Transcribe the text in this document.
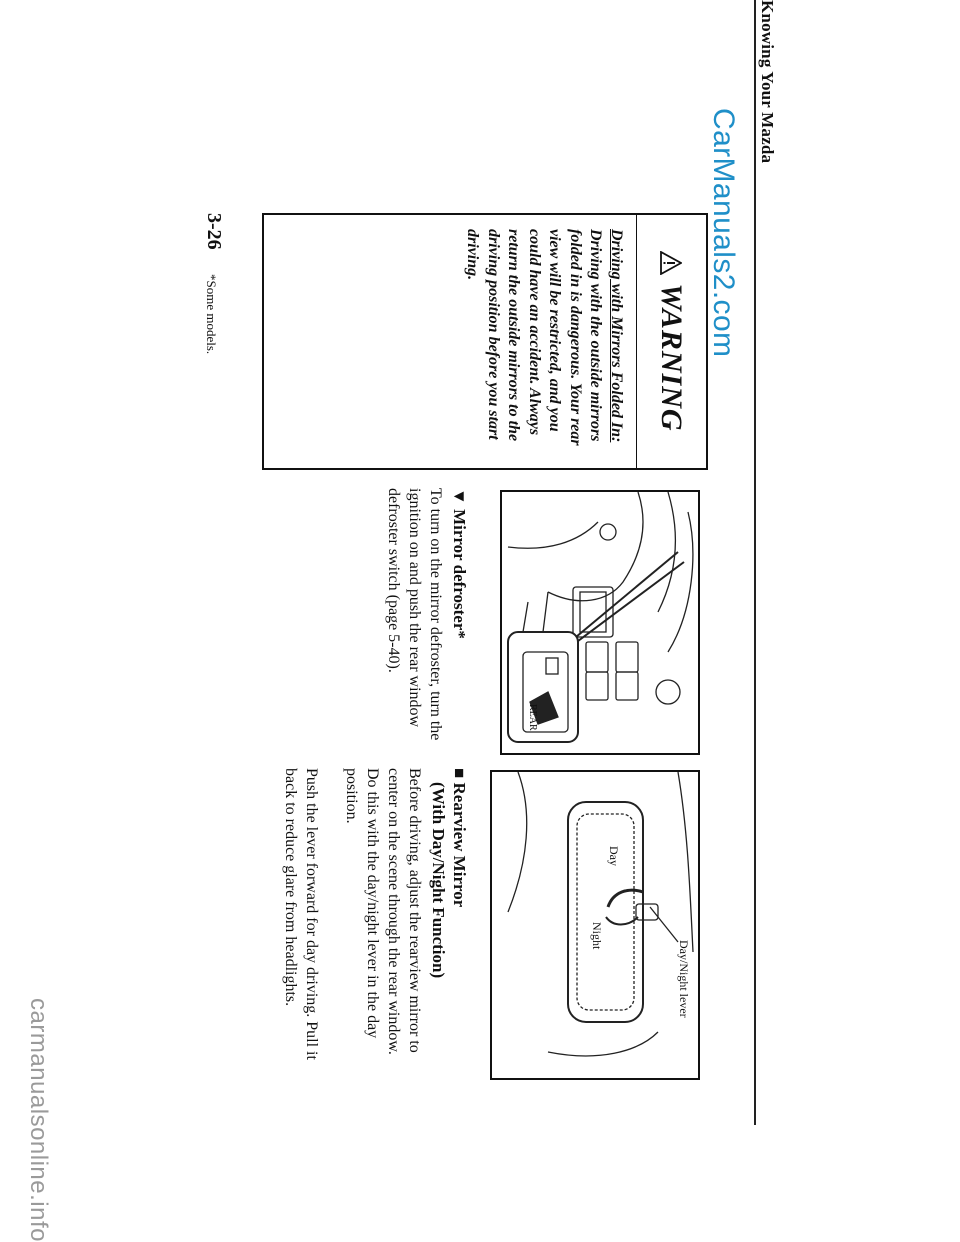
Knowing Your Mazda
CarManuals2.com
WARNING
Driving with Mirrors Folded In:
Driving with the outside mirrors folded in is dangerous. Your rear view will be restricted, and you could have an accident. Always return the outside mirrors to the driving position before you start driving.
REAR
Day/Night lever
Day
Night
▼ Mirror defroster*
To turn on the mirror defroster, turn the ignition on and push the rear window defroster switch (page 5-40).
■ Rearview Mirror
(With Day/Night Function)
Before driving, adjust the rearview mirror to center on the scene through the rear window. Do this with the day/night lever in the day position.
Push the lever forward for day driving. Pull it back to reduce glare from headlights.
3-26
*Some models.
carmanualsonline.info
